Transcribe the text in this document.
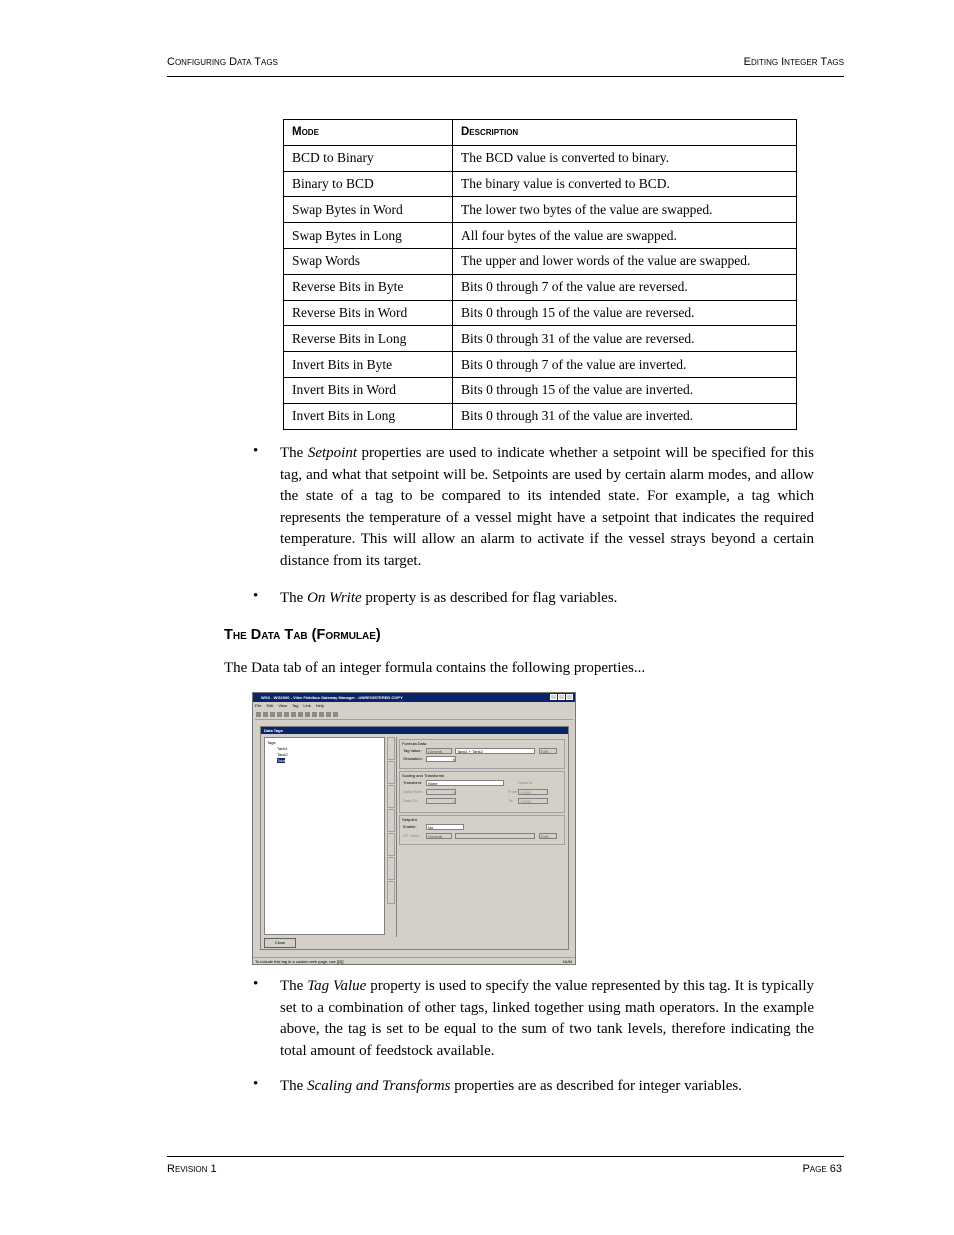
Configuring Data Tags	Editing Integer Tags
Mode	Description
BCD to Binary	The BCD value is converted to binary.
Binary to BCD	The binary value is converted to BCD.
Swap Bytes in Word	The lower two bytes of the value are swapped.
Swap Bytes in Long	All four bytes of the value are swapped.
Swap Words	The upper and lower words of the value are swapped.
Reverse Bits in Byte	Bits 0 through 7 of the value are reversed.
Reverse Bits in Word	Bits 0 through 15 of the value are reversed.
Reverse Bits in Long	Bits 0 through 31 of the value are reversed.
Invert Bits in Byte	Bits 0 through 7 of the value are inverted.
Invert Bits in Word	Bits 0 through 15 of the value are inverted.
Invert Bits in Long	Bits 0 through 31 of the value are inverted.
• The Setpoint properties are used to indicate whether a setpoint will be specified for this tag, and what that setpoint will be. Setpoints are used by certain alarm modes, and allow the state of a tag to be compared to its intended state. For example, a tag which represents the temperature of a vessel might have a setpoint that indicates the required temperature. This will allow an alarm to activate if the vessel strays beyond a certain distance from its target.
• The On Write property is as described for flag variables.
The Data Tab (Formulae)
The Data tab of an integer formula contains the following properties...
WG2 - WG2000 - Vilee Fieldbus Gateway Manager - UNREGISTERED COPY
File Edit View Tag Link Help
Data Tags
Tags
Tank1
Tank2
Total
Close
Formula Data
Tag Value:	General	Tank1 + Tank2	Edit...
Simulation:	0
Scaling and Transforms
Transform:	None	Scale to
Data From:	0	From: +0000
Data To:	0	To:	+0000
Setpoint
Enable:	No
SP Value:	General	Edit...
To include this tag in a custom web page, use [[3]]	NUM
• The Tag Value property is used to specify the value represented by this tag. It is typically set to a combination of other tags, linked together using math operators. In the example above, the tag is set to be equal to the sum of two tank levels, therefore indicating the total amount of feedstock available.
• The Scaling and Transforms properties are as described for integer variables.
Revision 1	Page 63
